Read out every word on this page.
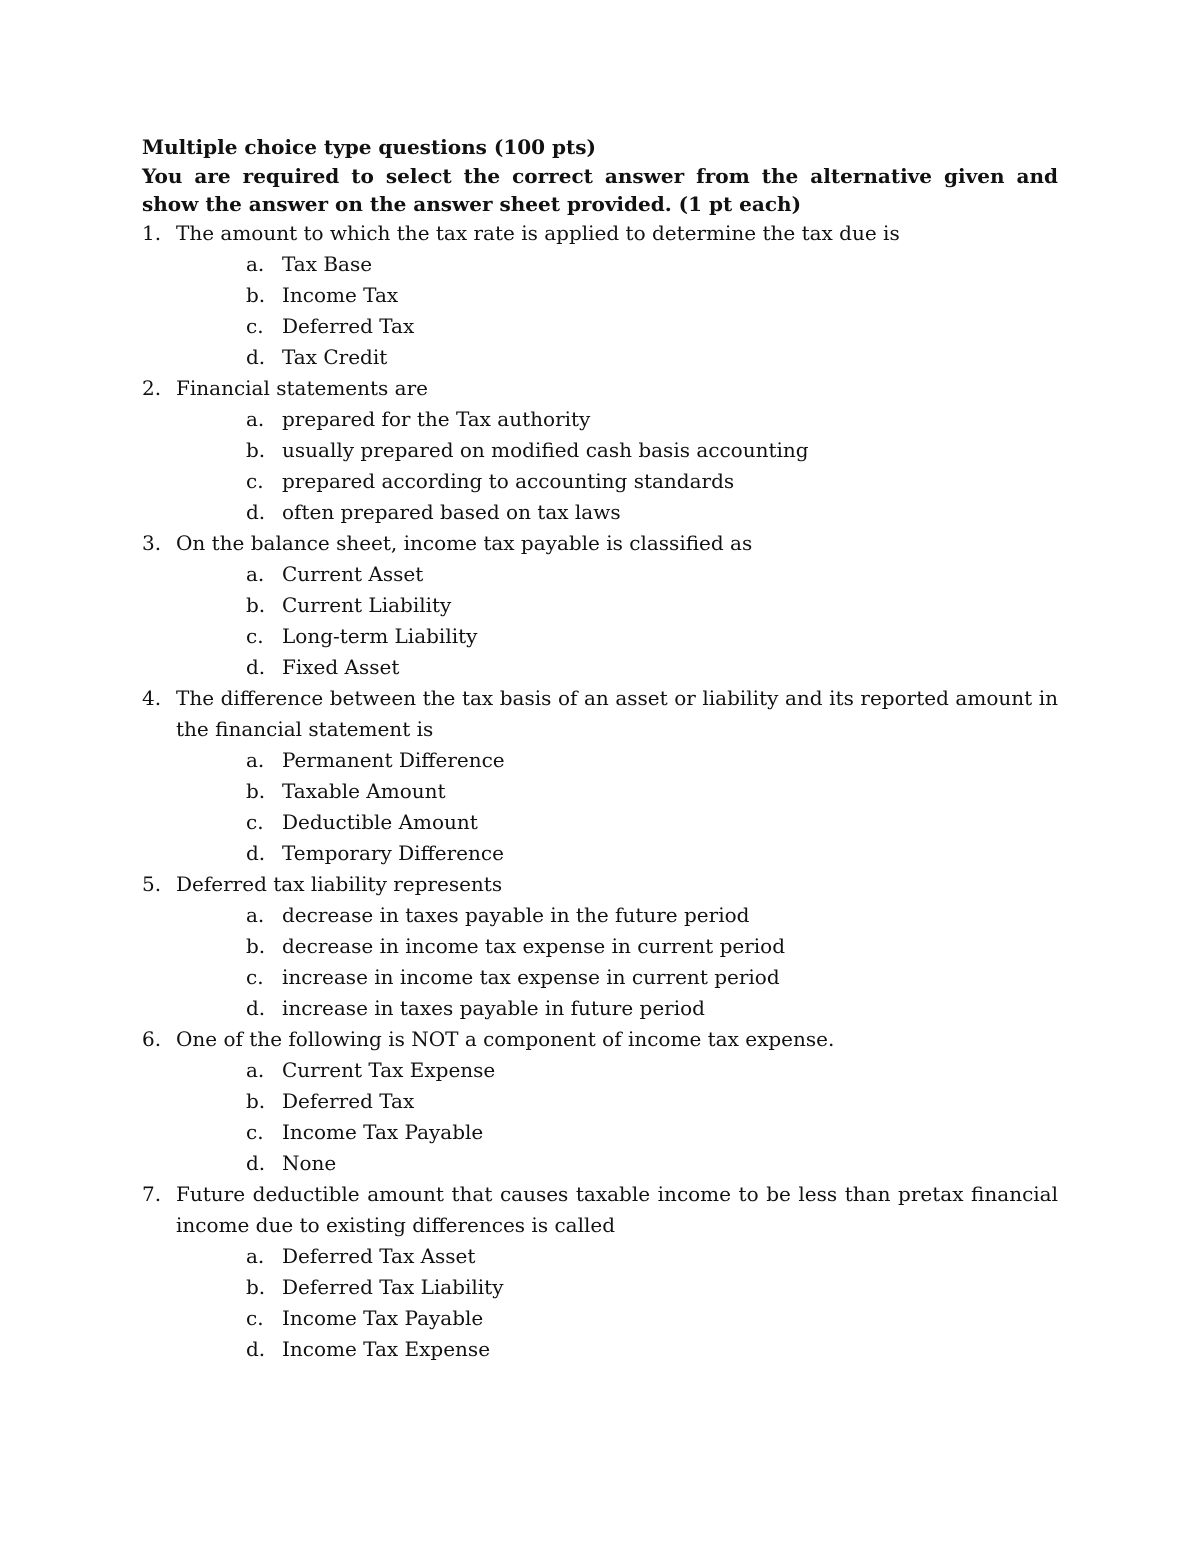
Multiple choice type questions (100 pts)

You are required to select the correct answer from the alternative given and show the answer on the answer sheet provided. (1 pt each)

1. The amount to which the tax rate is applied to determine the tax due is
a. Tax Base
b. Income Tax
c. Deferred Tax
d. Tax Credit
2. Financial statements are
a. prepared for the Tax authority
b. usually prepared on modified cash basis accounting
c. prepared according to accounting standards
d. often prepared based on tax laws
3. On the balance sheet, income tax payable is classified as
a. Current Asset
b. Current Liability
c. Long-term Liability
d. Fixed Asset
4. The difference between the tax basis of an asset or liability and its reported amount in the financial statement is
a. Permanent Difference
b. Taxable Amount
c. Deductible Amount
d. Temporary Difference
5. Deferred tax liability represents
a. decrease in taxes payable in the future period
b. decrease in income tax expense in current period
c. increase in income tax expense in current period
d. increase in taxes payable in future period
6. One of the following is NOT a component of income tax expense.
a. Current Tax Expense
b. Deferred Tax
c. Income Tax Payable
d. None
7. Future deductible amount that causes taxable income to be less than pretax financial income due to existing differences is called
a. Deferred Tax Asset
b. Deferred Tax Liability
c. Income Tax Payable
d. Income Tax Expense
